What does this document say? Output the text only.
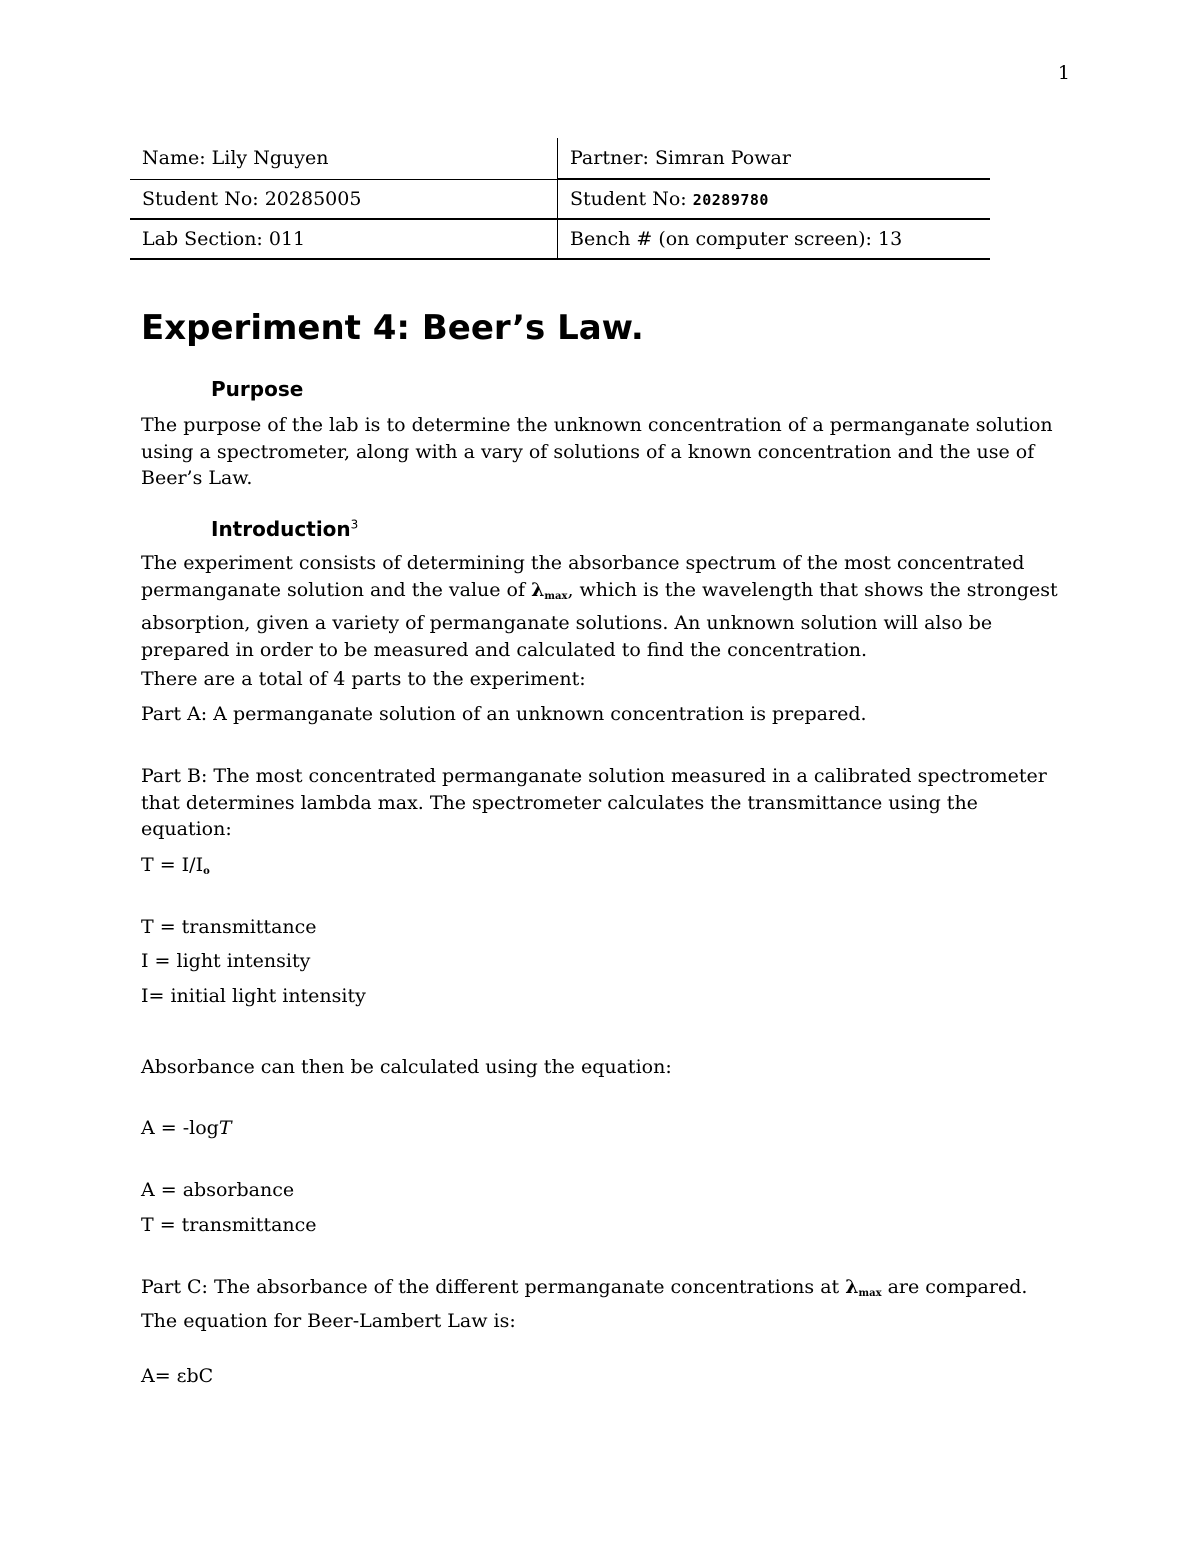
1
Name: Lily Nguyen	Partner: Simran Powar
Student No: 20285005	Student No: 20289780
Lab Section: 011	Bench # (on computer screen): 13
Experiment 4: Beer’s Law.
Purpose

The purpose of the lab is to determine the unknown concentration of a permanganate solution using a spectrometer, along with a vary of solutions of a known concentration and the use of Beer’s Law.

Introduction$^3$

The experiment consists of determining the absorbance spectrum of the most concentrated permanganate solution and the value of $\lambda_{max}$, which is the wavelength that shows the strongest absorption, given a variety of permanganate solutions. An unknown solution will also be prepared in order to be measured and calculated to find the concentration.

There are a total of 4 parts to the experiment:

Part A: A permanganate solution of an unknown concentration is prepared.

Part B: The most concentrated permanganate solution measured in a calibrated spectrometer that determines lambda max. The spectrometer calculates the transmittance using the equation:

$T = I/I_o$

T = transmittance

I = light intensity

I= initial light intensity

Absorbance can then be calculated using the equation:

A = -logT

A = absorbance

T = transmittance

Part C: The absorbance of the different permanganate concentrations at $\lambda_{max}$ are compared. The equation for Beer-Lambert Law is:

A= εbC
